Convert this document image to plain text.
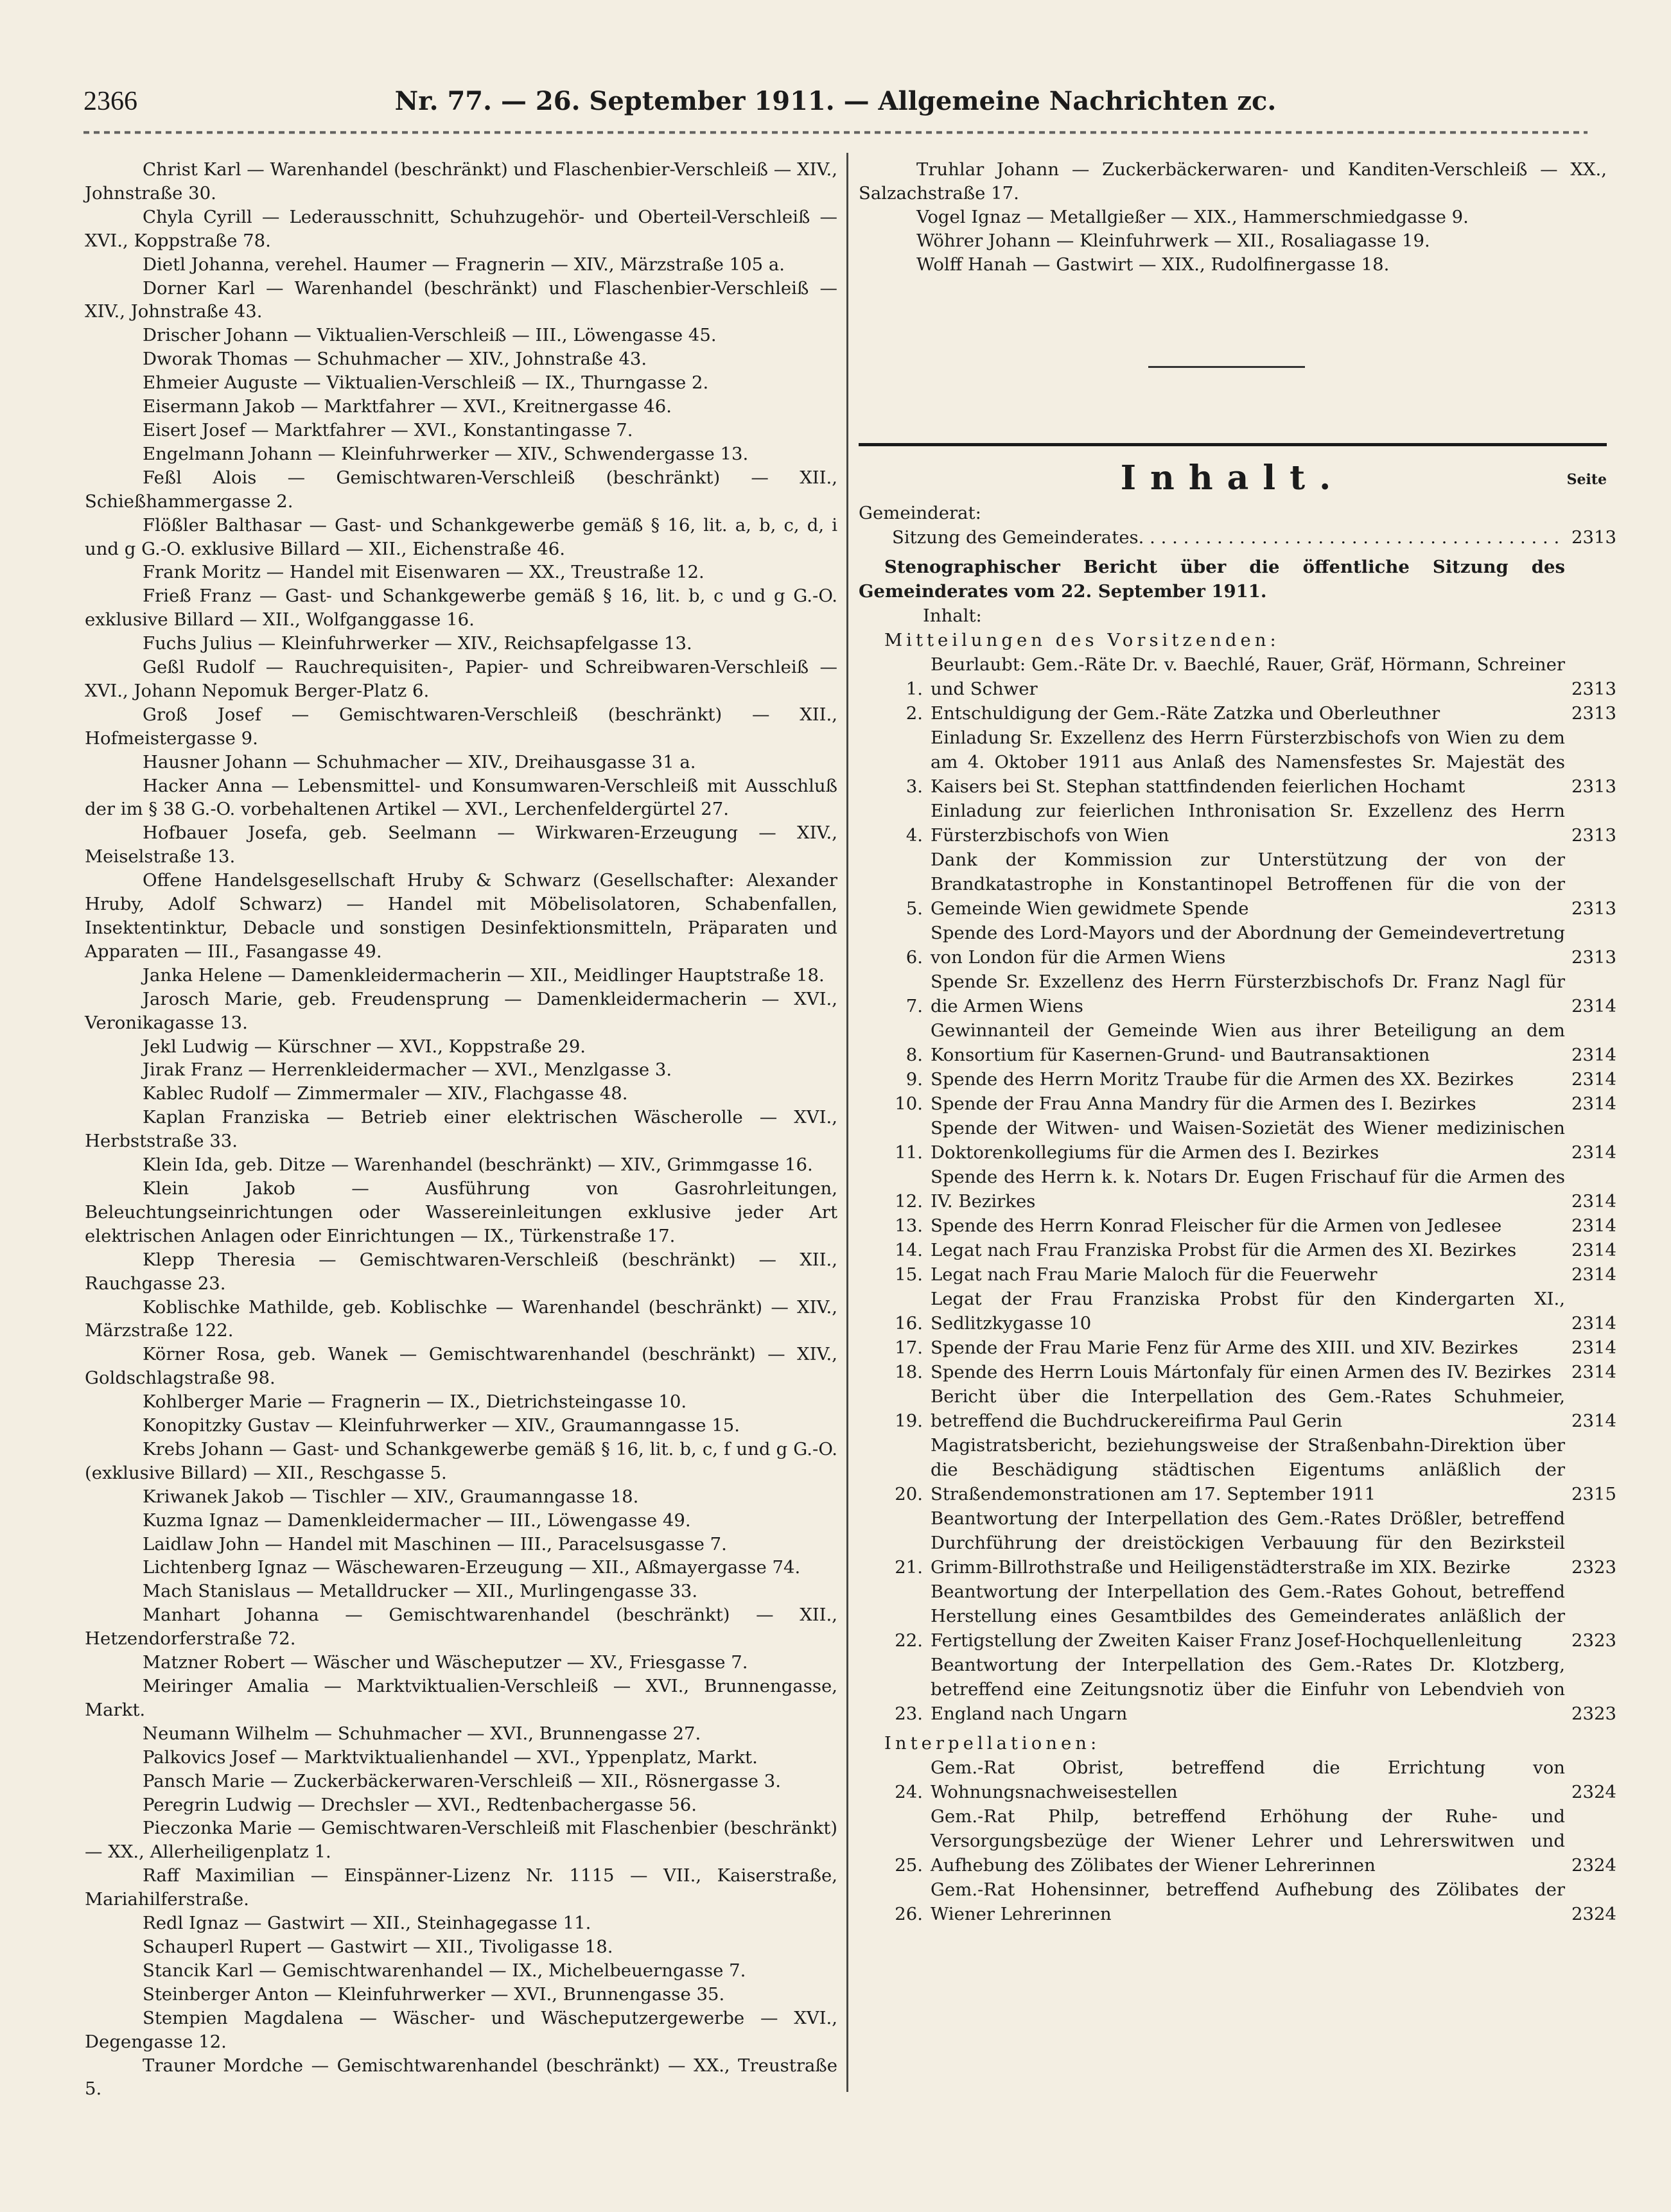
2366	Nr. 77. — 26. September 1911. — Allgemeine Nachrichten zc.

Christ Karl — Warenhandel (beschränkt) und Flaschenbier-Verschleiß — XIV., Johnstraße 30.

Chyla Cyrill — Lederausschnitt, Schuhzugehör- und Oberteil-Verschleiß — XVI., Koppstraße 78.

Dietl Johanna, verehel. Haumer — Fragnerin — XIV., Märzstraße 105 a.

Dorner Karl — Warenhandel (beschränkt) und Flaschenbier-Verschleiß — XIV., Johnstraße 43.

Drischer Johann — Viktualien-Verschleiß — III., Löwengasse 45.

Dworak Thomas — Schuhmacher — XIV., Johnstraße 43.

Ehmeier Auguste — Viktualien-Verschleiß — IX., Thurngasse 2.

Eisermann Jakob — Marktfahrer — XVI., Kreitnergasse 46.

Eisert Josef — Marktfahrer — XVI., Konstantingasse 7.

Engelmann Johann — Kleinfuhrwerker — XIV., Schwendergasse 13.

Feßl Alois — Gemischtwaren-Verschleiß (beschränkt) — XII., Schießhammergasse 2.

Flößler Balthasar — Gast- und Schankgewerbe gemäß § 16, lit. a, b, c, d, i und g G.-O. exklusive Billard — XII., Eichenstraße 46.

Frank Moritz — Handel mit Eisenwaren — XX., Treustraße 12.

Frieß Franz — Gast- und Schankgewerbe gemäß § 16, lit. b, c und g G.-O. exklusive Billard — XII., Wolfganggasse 16.

Fuchs Julius — Kleinfuhrwerker — XIV., Reichsapfelgasse 13.

Geßl Rudolf — Rauchrequisiten-, Papier- und Schreibwaren-Verschleiß — XVI., Johann Nepomuk Berger-Platz 6.

Groß Josef — Gemischtwaren-Verschleiß (beschränkt) — XII., Hofmeistergasse 9.

Hausner Johann — Schuhmacher — XIV., Dreihausgasse 31 a.

Hacker Anna — Lebensmittel- und Konsumwaren-Verschleiß mit Ausschluß der im § 38 G.-O. vorbehaltenen Artikel — XVI., Lerchenfeldergürtel 27.

Hofbauer Josefa, geb. Seelmann — Wirkwaren-Erzeugung — XIV., Meiselstraße 13.

Offene Handelsgesellschaft Hruby & Schwarz (Gesellschafter: Alexander Hruby, Adolf Schwarz) — Handel mit Möbelisolatoren, Schabenfallen, Insektentinktur, Debacle und sonstigen Desinfektionsmitteln, Präparaten und Apparaten — III., Fasangasse 49.

Janka Helene — Damenkleidermacherin — XII., Meidlinger Hauptstraße 18.

Jarosch Marie, geb. Freudensprung — Damenkleidermacherin — XVI., Veronikagasse 13.

Jekl Ludwig — Kürschner — XVI., Koppstraße 29.

Jirak Franz — Herrenkleidermacher — XVI., Menzlgasse 3.

Kablec Rudolf — Zimmermaler — XIV., Flachgasse 48.

Kaplan Franziska — Betrieb einer elektrischen Wäscherolle — XVI., Herbststraße 33.

Klein Ida, geb. Ditze — Warenhandel (beschränkt) — XIV., Grimmgasse 16.

Klein Jakob — Ausführung von Gasrohrleitungen, Beleuchtungseinrichtungen oder Wassereinleitungen exklusive jeder Art elektrischen Anlagen oder Einrichtungen — IX., Türkenstraße 17.

Klepp Theresia — Gemischtwaren-Verschleiß (beschränkt) — XII., Rauchgasse 23.

Koblischke Mathilde, geb. Koblischke — Warenhandel (beschränkt) — XIV., Märzstraße 122.

Körner Rosa, geb. Wanek — Gemischtwarenhandel (beschränkt) — XIV., Goldschlagstraße 98.

Kohlberger Marie — Fragnerin — IX., Dietrichsteingasse 10.

Konopitzky Gustav — Kleinfuhrwerker — XIV., Graumanngasse 15.

Krebs Johann — Gast- und Schankgewerbe gemäß § 16, lit. b, c, f und g G.-O. (exklusive Billard) — XII., Reschgasse 5.

Kriwanek Jakob — Tischler — XIV., Graumanngasse 18.

Kuzma Ignaz — Damenkleidermacher — III., Löwengasse 49.

Laidlaw John — Handel mit Maschinen — III., Paracelsusgasse 7.

Lichtenberg Ignaz — Wäschewaren-Erzeugung — XII., Aßmayergasse 74.

Mach Stanislaus — Metalldrucker — XII., Murlingengasse 33.

Manhart Johanna — Gemischtwarenhandel (beschränkt) — XII., Hetzendorferstraße 72.

Matzner Robert — Wäscher und Wäscheputzer — XV., Friesgasse 7.

Meiringer Amalia — Marktviktualien-Verschleiß — XVI., Brunnengasse, Markt.

Neumann Wilhelm — Schuhmacher — XVI., Brunnengasse 27.

Palkovics Josef — Marktviktualienhandel — XVI., Yppenplatz, Markt.

Pansch Marie — Zuckerbäckerwaren-Verschleiß — XII., Rösnergasse 3.

Peregrin Ludwig — Drechsler — XVI., Redtenbachergasse 56.

Pieczonka Marie — Gemischtwaren-Verschleiß mit Flaschenbier (beschränkt) — XX., Allerheiligenplatz 1.

Raff Maximilian — Einspänner-Lizenz Nr. 1115 — VII., Kaiserstraße, Mariahilferstraße.

Redl Ignaz — Gastwirt — XII., Steinhagegasse 11.

Schauperl Rupert — Gastwirt — XII., Tivoligasse 18.

Stancik Karl — Gemischtwarenhandel — IX., Michelbeuerngasse 7.

Steinberger Anton — Kleinfuhrwerker — XVI., Brunnengasse 35.

Stempien Magdalena — Wäscher- und Wäscheputzergewerbe — XVI., Degengasse 12.

Trauner Mordche — Gemischtwarenhandel (beschränkt) — XX., Treustraße 5.

Truhlar Johann — Zuckerbäckerwaren- und Kanditen-Verschleiß — XX., Salzachstraße 17.

Vogel Ignaz — Metallgießer — XIX., Hammerschmiedgasse 9.

Wöhrer Johann — Kleinfuhrwerk — XII., Rosaliagasse 19.

Wolff Hanah — Gastwirt — XIX., Rudolfinergasse 18.

Inhalt.	Seite

Gemeinderat:

Sitzung des Gemeinderates . . .	2313

Stenographischer Bericht über die öffentliche Sitzung des Gemeinderates vom 22. September 1911.

Inhalt:

Mitteilungen des Vorsitzenden:

1.
Beurlaubt: Gem.-Räte Dr. v. Baechlé, Rauer, Gräf, Hörmann, Schreiner und Schwer	2313
2. Entschuldigung der Gem.-Räte Zatzka und Oberleuthner	2313
3.
Einladung Sr. Exzellenz des Herrn Fürsterzbischofs von Wien zu dem am 4. Oktober 1911 aus Anlaß des Namensfestes Sr. Majestät des Kaisers bei St. Stephan stattfindenden feierlichen Hochamt	2313
4.
Einladung zur feierlichen Inthronisation Sr. Exzellenz des Herrn Fürsterzbischofs von Wien	2313
5.
Dank der Kommission zur Unterstützung der von der Brandkatastrophe in Konstantinopel Betroffenen für die von der Gemeinde Wien gewidmete Spende	2313
6.
Spende des Lord-Mayors und der Abordnung der Gemeindevertretung von London für die Armen Wiens	2313
7.
Spende Sr. Exzellenz des Herrn Fürsterzbischofs Dr. Franz Nagl für die Armen Wiens	2314
8.
Gewinnanteil der Gemeinde Wien aus ihrer Beteiligung an dem Konsortium für Kasernen-Grund- und Bautransaktionen	2314
9. Spende des Herrn Moritz Traube für die Armen des XX. Bezirkes	2314
10. Spende der Frau Anna Mandry für die Armen des I. Bezirkes	2314
11.
Spende der Witwen- und Waisen-Sozietät des Wiener medizinischen Doktorenkollegiums für die Armen des I. Bezirkes	2314
12.
Spende des Herrn k. k. Notars Dr. Eugen Frischauf für die Armen des IV. Bezirkes	2314
13. Spende des Herrn Konrad Fleischer für die Armen von Jedlesee	2314
14. Legat nach Frau Franziska Probst für die Armen des XI. Bezirkes	2314
15. Legat nach Frau Marie Maloch für die Feuerwehr	2314
16.
Legat der Frau Franziska Probst für den Kindergarten XI., Sedlitzkygasse 10	2314
17. Spende der Frau Marie Fenz für Arme des XIII. und XIV. Bezirkes	2314
18. Spende des Herrn Louis Mártonfaly für einen Armen des IV. Bezirkes	2314
19.
Bericht über die Interpellation des Gem.-Rates Schuhmeier, betreffend die Buchdruckereifirma Paul Gerin	2314
20.
Magistratsbericht, beziehungsweise der Straßenbahn-Direktion über die Beschädigung städtischen Eigentums anläßlich der Straßendemonstrationen am 17. September 1911	2315
21.
Beantwortung der Interpellation des Gem.-Rates Drößler, betreffend Durchführung der dreistöckigen Verbauung für den Bezirksteil Grimm-Billrothstraße und Heiligenstädterstraße im XIX. Bezirke	2323
22.
Beantwortung der Interpellation des Gem.-Rates Gohout, betreffend Herstellung eines Gesamtbildes des Gemeinderates anläßlich der Fertigstellung der Zweiten Kaiser Franz Josef-Hochquellenleitung	2323
23.
Beantwortung der Interpellation des Gem.-Rates Dr. Klotzberg, betreffend eine Zeitungsnotiz über die Einfuhr von Lebendvieh von England nach Ungarn	2323

Interpellationen:

24.
Gem.-Rat Obrist, betreffend die Errichtung von Wohnungsnachweisestellen	2324
25.
Gem.-Rat Philp, betreffend Erhöhung der Ruhe- und Versorgungsbezüge der Wiener Lehrer und Lehrerswitwen und Aufhebung des Zölibates der Wiener Lehrerinnen	2324
26.
Gem.-Rat Hohensinner, betreffend Aufhebung des Zölibates der Wiener Lehrerinnen	2324
